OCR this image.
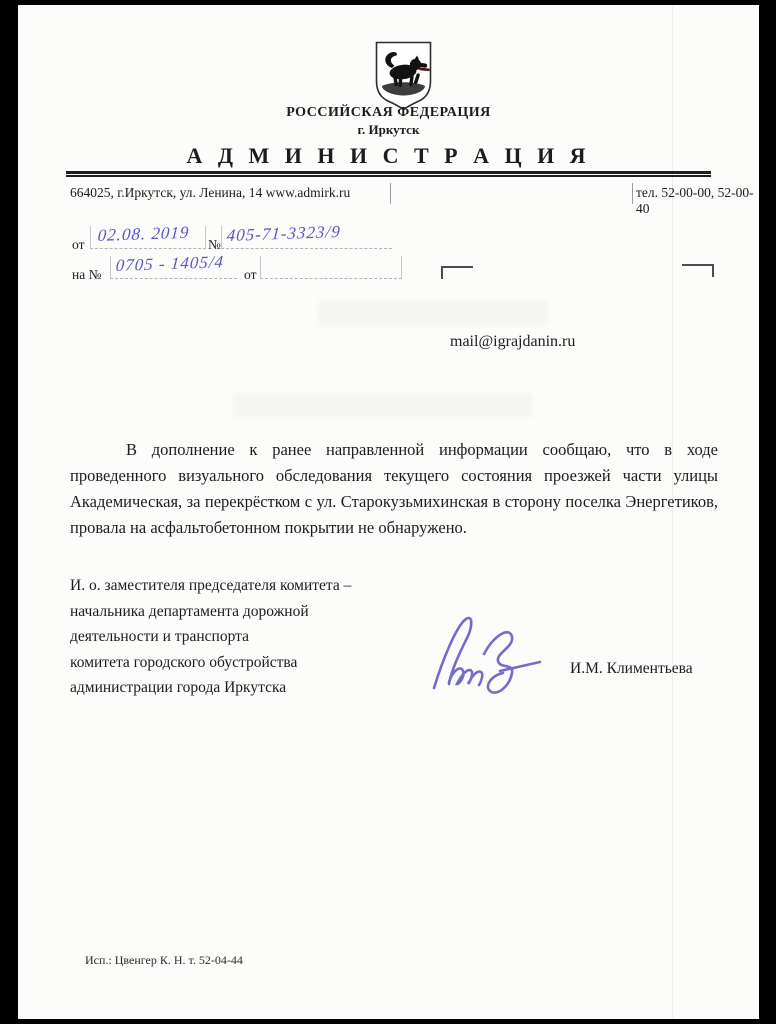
РОССИЙСКАЯ ФЕДЕРАЦИЯ
г. Иркутск
А Д М И Н И С Т Р А Ц И Я
664025, г.Иркутск, ул. Ленина, 14 www.admirk.ru	тел. 52-00-00, 52-00-40
от 02.08. 2019	№ 405-71-3323/9
на № 0705 - 1405/4	от
mail@igrajdanin.ru
В дополнение к ранее направленной информации сообщаю, что в ходе проведенного визуального обследования текущего состояния проезжей части улицы Академическая, за перекрёстком с ул. Старокузьмихинская в сторону поселка Энергетиков, провала на асфальтобетонном покрытии не обнаружено.
И. о. заместителя председателя комитета –
начальника департамента дорожной
деятельности и транспорта
комитета городского обустройства
администрации города Иркутска
И.М. Климентьева
Исп.: Цвенгер К. Н. т. 52-04-44
